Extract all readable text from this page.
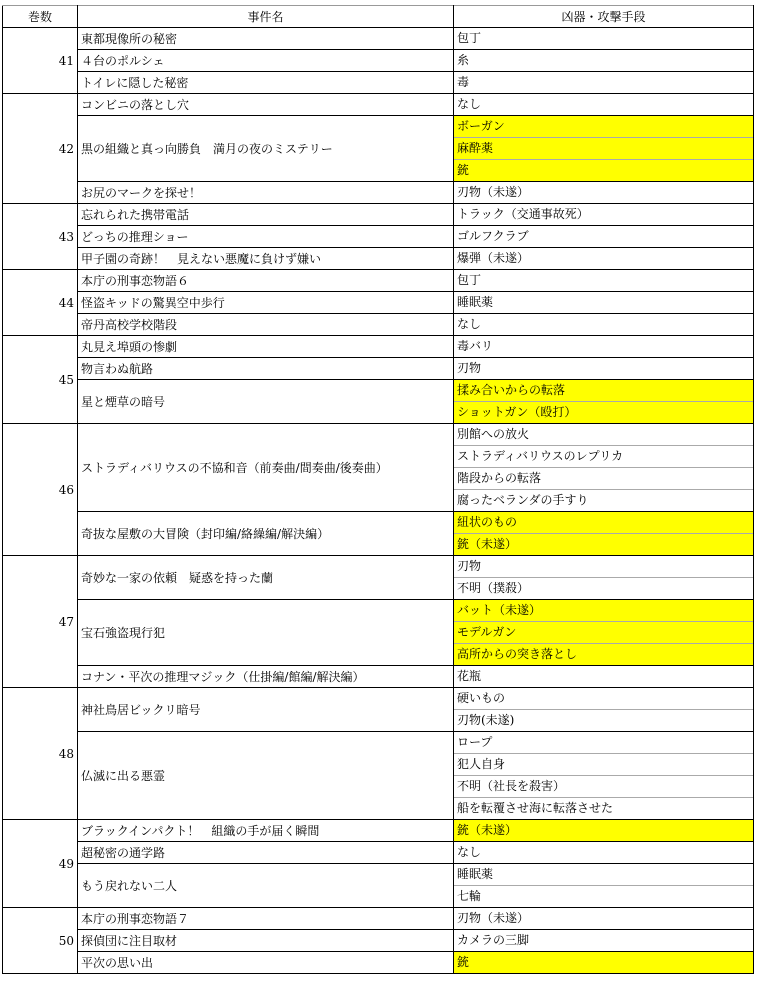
巻数	事件名	凶器・攻撃手段
41	東都現像所の秘密	包丁

	４台のポルシェ	糸

	トイレに隠した秘密	毒

42	コンビニの落とし穴	なし

	黒の組織と真っ向勝負　満月の夜のミステリー	ボーガン
麻酔薬
銃

	お尻のマークを探せ！	刃物（未遂）

43	忘れられた携帯電話	トラック（交通事故死）

	どっちの推理ショー	ゴルフクラブ

	甲子園の奇跡！　見えない悪魔に負けず嫌い	爆弾（未遂）

44	本庁の刑事恋物語６	包丁

	怪盗キッドの驚異空中歩行	睡眠薬

	帝丹高校学校階段	なし

45	丸見え埠頭の惨劇	毒バリ

	物言わぬ航路	刃物

	星と煙草の暗号	揉み合いからの転落
ショットガン（殴打）

46	ストラディバリウスの不協和音（前奏曲/間奏曲/後奏曲）	別館への放火
ストラディバリウスのレプリカ
階段からの転落
腐ったベランダの手すり

	奇抜な屋敷の大冒険（封印編/絡繰編/解決編）	紐状のもの
銃（未遂）

47	奇妙な一家の依頼　疑惑を持った蘭	刃物
不明（撲殺）

	宝石強盗現行犯	バット（未遂）
モデルガン
高所からの突き落とし

	コナン・平次の推理マジック（仕掛編/館編/解決編）	花瓶

48	神社鳥居ビックリ暗号	硬いもの
刃物(未遂)

	仏滅に出る悪霊	ロープ
犯人自身
不明（社長を殺害）
船を転覆させ海に転落させた

49	ブラックインパクト！　組織の手が届く瞬間	銃（未遂）

	超秘密の通学路	なし

	もう戻れない二人	睡眠薬
七輪

50	本庁の刑事恋物語７	刃物（未遂）

	探偵団に注目取材	カメラの三脚

	平次の思い出	銃
